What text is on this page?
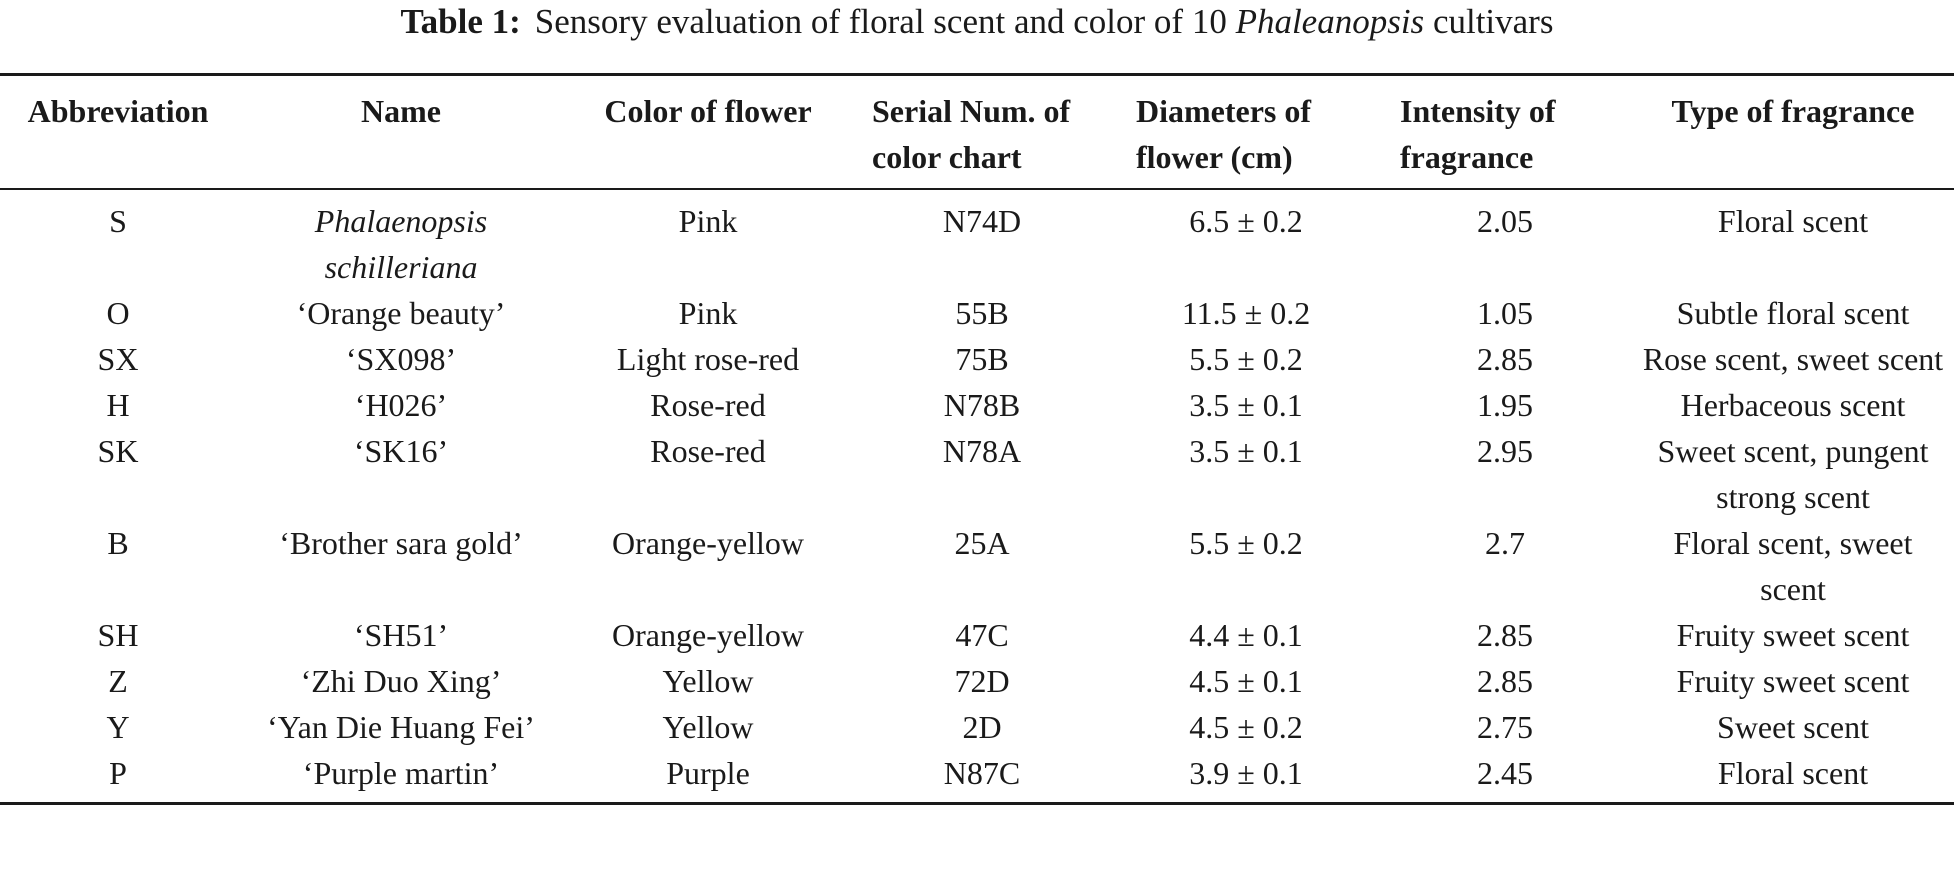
Table 1: Sensory evaluation of floral scent and color of 10 Phaleanopsis cultivars
Abbreviation	Name	Color of flower	Serial Num. of color chart	Diameters of flower (cm)	Intensity of fragrance	Type of fragrance
S	Phalaenopsis schilleriana	Pink	N74D	6.5 ± 0.2	2.05	Floral scent
O	‘Orange beauty’	Pink	55B	11.5 ± 0.2	1.05	Subtle floral scent
SX	‘SX098’	Light rose-red	75B	5.5 ± 0.2	2.85	Rose scent, sweet scent
H	‘H026’	Rose-red	N78B	3.5 ± 0.1	1.95	Herbaceous scent
SK	‘SK16’	Rose-red	N78A	3.5 ± 0.1	2.95	Sweet scent, pungent strong scent
B	‘Brother sara gold’	Orange-yellow	25A	5.5 ± 0.2	2.7	Floral scent, sweet scent
SH	‘SH51’	Orange-yellow	47C	4.4 ± 0.1	2.85	Fruity sweet scent
Z	‘Zhi Duo Xing’	Yellow	72D	4.5 ± 0.1	2.85	Fruity sweet scent
Y	‘Yan Die Huang Fei’	Yellow	2D	4.5 ± 0.2	2.75	Sweet scent
P	‘Purple martin’	Purple	N87C	3.9 ± 0.1	2.45	Floral scent
